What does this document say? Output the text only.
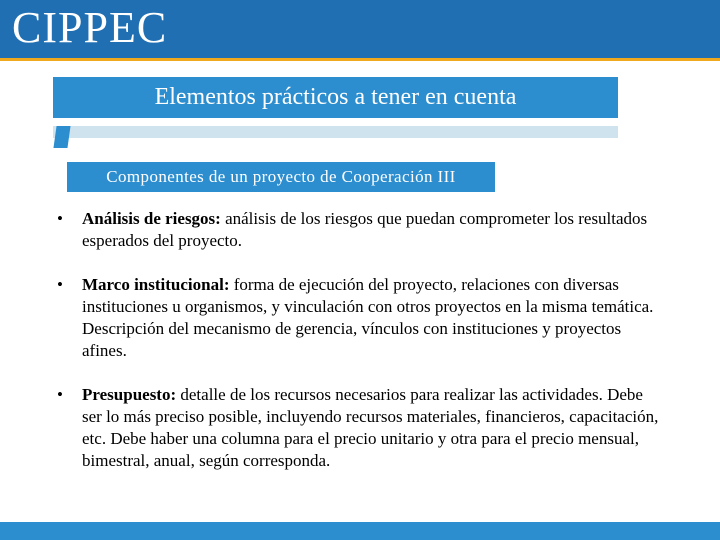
CIPPEC
Elementos prácticos a tener en cuenta
Componentes de un proyecto de Cooperación III
• Análisis de riesgos: análisis de los riesgos que puedan comprometer los resultados esperados del proyecto.
• Marco institucional: forma de ejecución del proyecto, relaciones con diversas instituciones u organismos, y vinculación con otros proyectos en la misma temática. Descripción del mecanismo de gerencia, vínculos con instituciones y proyectos afines.
• Presupuesto: detalle de los recursos necesarios para realizar las actividades. Debe ser lo más preciso posible, incluyendo recursos materiales, financieros, capacitación, etc. Debe haber una columna para el precio unitario y otra para el precio mensual, bimestral, anual, según corresponda.
